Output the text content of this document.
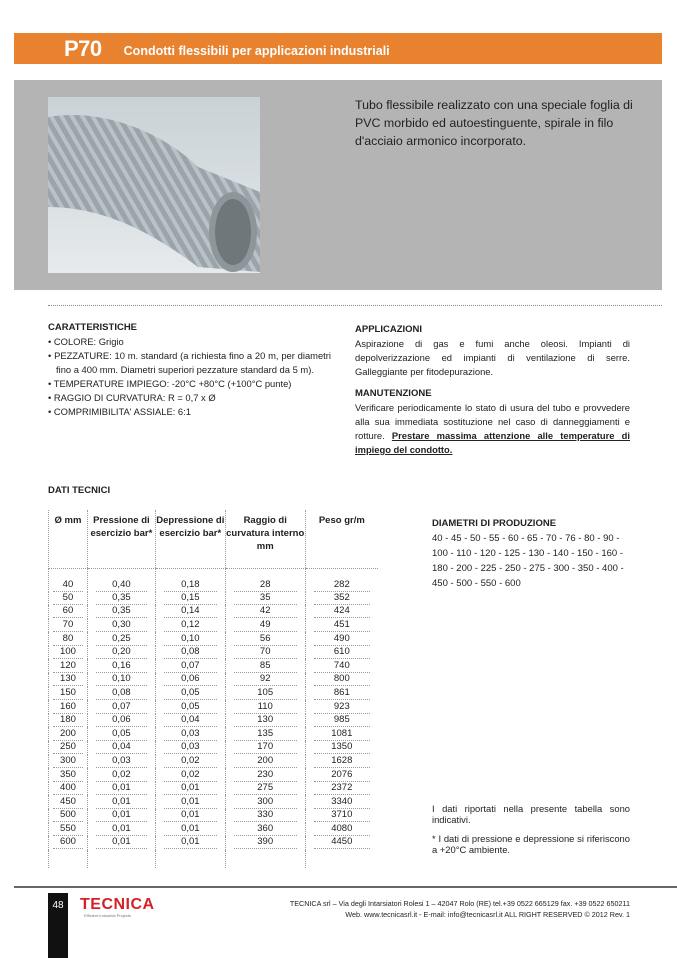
P70 Condotti flessibili per applicazioni industriali
Tubo flessibile realizzato con una speciale foglia di PVC morbido ed autoestinguente, spirale in filo d'acciaio armonico incorporato.
CARATTERISTICHE
• COLORE: Grigio
• PEZZATURE: 10 m. standard (a richiesta fino a 20 m, per diametri fino a 400 mm. Diametri superiori pezzature standard da 5 m).
• TEMPERATURE IMPIEGO: -20°C +80°C (+100°C punte)
• RAGGIO DI CURVATURA: R = 0,7 x Ø
• COMPRIMIBILITA' ASSIALE: 6:1
APPLICAZIONI

Aspirazione di gas e fumi anche oleosi. Impianti di depolverizzazione ed impianti di ventilazione di serre. Galleggiante per fitodepurazione.

MANUTENZIONE

Verificare periodicamente lo stato di usura del tubo e provvedere alla sua immediata sostituzione nel caso di danneggiamenti e rotture. Prestare massima attenzione alle temperature di impiego del condotto.

DATI TECNICI
Ø mm	Pressione di esercizio bar*	Depressione di esercizio bar*	Raggio di curvatura interno mm	Peso gr/m

40	0,40	0,18	28	282

50	0,35	0,15	35	352

60	0,35	0,14	42	424

70	0,30	0,12	49	451

80	0,25	0,10	56	490

100	0,20	0,08	70	610

120	0,16	0,07	85	740

130	0,10	0,06	92	800

150	0,08	0,05	105	861

160	0,07	0,05	110	923

180	0,06	0,04	130	985

200	0,05	0,03	135	1081

250	0,04	0,03	170	1350

300	0,03	0,02	200	1628

350	0,02	0,02	230	2076

400	0,01	0,01	275	2372

450	0,01	0,01	300	3340

500	0,01	0,01	330	3710

550	0,01	0,01	360	4080

600	0,01	0,01	390	4450

DIAMETRI DI PRODUZIONE
40 - 45 - 50 - 55 - 60 - 65 - 70 - 76 - 80 - 90 - 100 - 110 - 120 - 125 - 130 - 140 - 150 - 160 - 180 - 200 - 225 - 250 - 275 - 300 - 350 - 400 - 450 - 500 - 550 - 600

I dati riportati nella presente tabella sono indicativi.

* I dati di pressione e depressione si riferiscono a +20°C ambiente.

48 TECNICA
Efficient Industrial Projects
TECNICA srl – Via degli Intarsiatori Rolesi 1 – 42047 Rolo (RE) tel.+39 0522 665129 fax. +39 0522 650211
Web. www.tecnicasrl.it - E-mail: info@tecnicasrl.it ALL RIGHT RESERVED © 2012 Rev. 1
